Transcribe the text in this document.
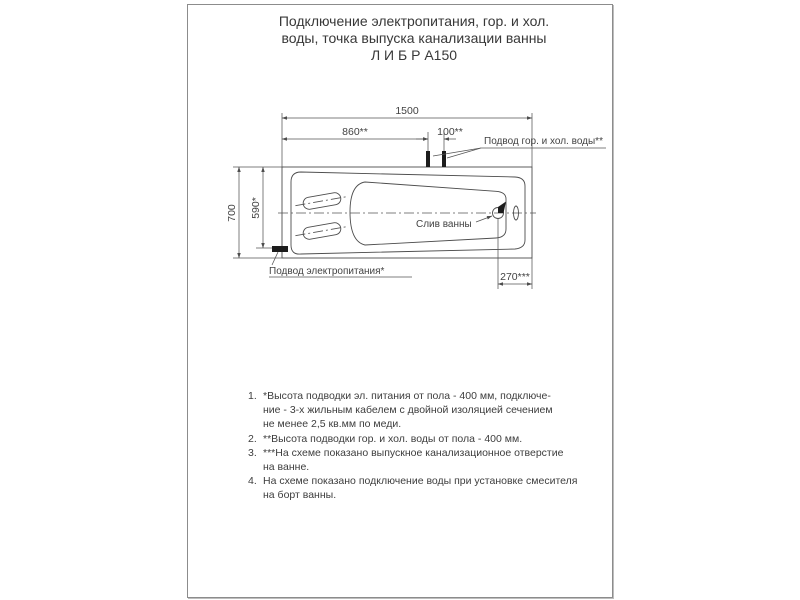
Подключение электропитания, гор. и хол.
воды, точка выпуска канализации ванны
Л И Б Р А150
Слив ванны
1500
860**	100**
Подвод гор. и хол. воды**
700 590*
Подвод электропитания*	270***
1. *Высота подводки эл. питания от пола - 400 мм, подключе-
ние - 3-х жильным кабелем с двойной изоляцией сечением
не менее 2,5 кв.мм по меди.
2. **Высота подводки гор. и хол. воды от пола - 400 мм.
3. ***На схеме показано выпускное канализационное отверстие
на ванне.
4. На схеме показано подключение воды при установке смесителя
на борт ванны.
